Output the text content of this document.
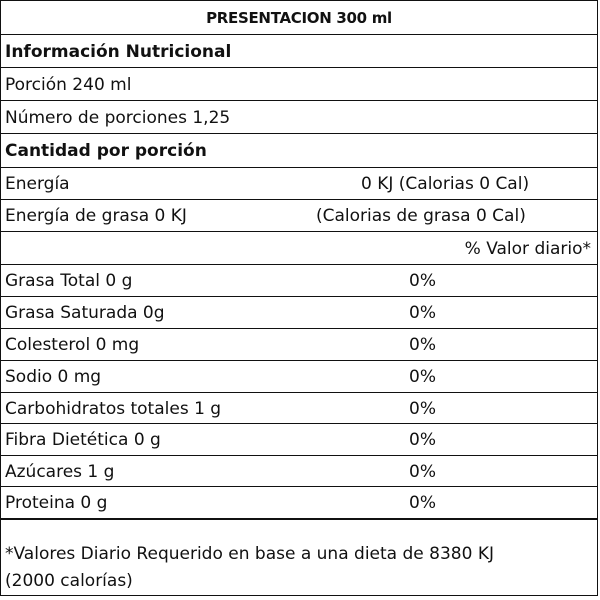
PRESENTACION 300 ml
Información Nutricional
Porción 240 ml
Número de porciones 1,25
Cantidad por porción
Energía	0 KJ (Calorias 0 Cal)
Energía de grasa 0 KJ	(Calorias de grasa 0 Cal)
% Valor diario*
Grasa Total 0 g	0%
Grasa Saturada 0g	0%
Colesterol 0 mg	0%
Sodio 0 mg	0%
Carbohidratos totales 1 g	0%
Fibra Dietética 0 g	0%
Azúcares 1 g	0%
Proteina 0 g	0%
*Valores Diario Requerido en base a una dieta de 8380 KJ
(2000 calorías)
